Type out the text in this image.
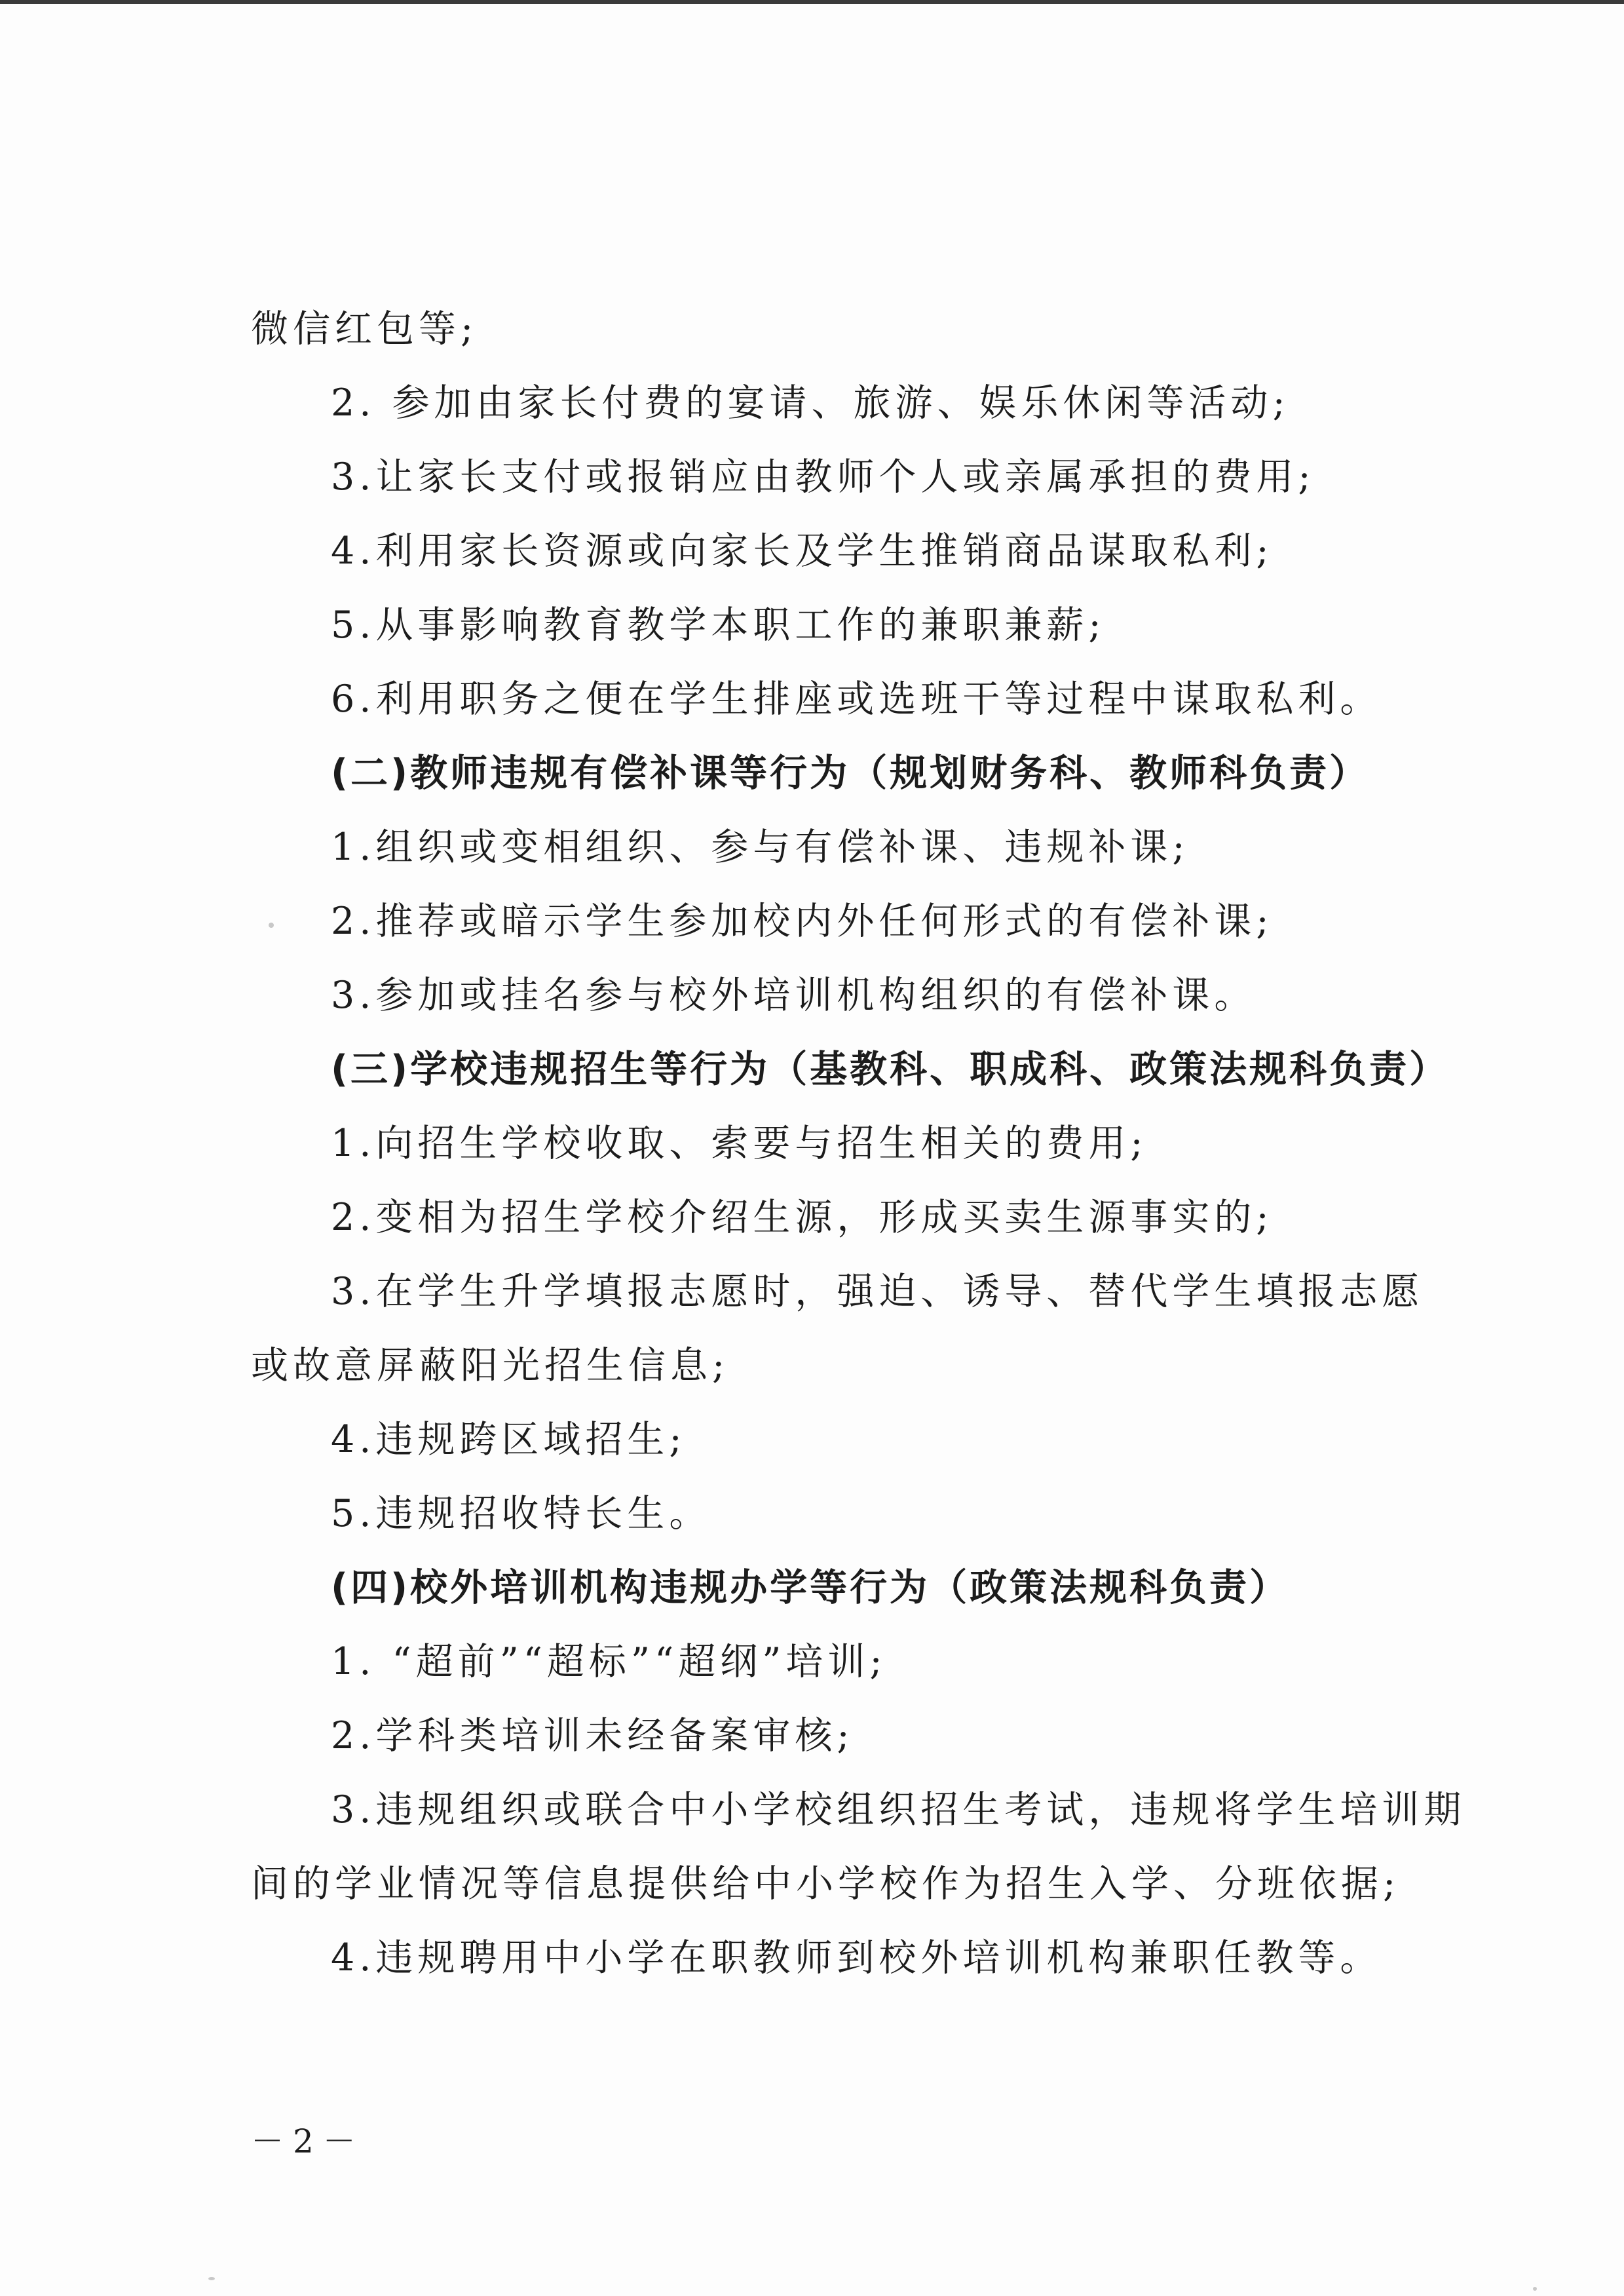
微信红包等;
2. 参加由家长付费的宴请、旅游、娱乐休闲等活动;
3.让家长支付或报销应由教师个人或亲属承担的费用;
4.利用家长资源或向家长及学生推销商品谋取私利;
5.从事影响教育教学本职工作的兼职兼薪;
6.利用职务之便在学生排座或选班干等过程中谋取私利。
(二)教师违规有偿补课等行为（规划财务科、教师科负责）
1.组织或变相组织、参与有偿补课、违规补课;
2.推荐或暗示学生参加校内外任何形式的有偿补课;
3.参加或挂名参与校外培训机构组织的有偿补课。
(三)学校违规招生等行为（基教科、职成科、政策法规科负责）
1.向招生学校收取、索要与招生相关的费用;
2.变相为招生学校介绍生源，形成买卖生源事实的;
3.在学生升学填报志愿时，强迫、诱导、替代学生填报志愿
或故意屏蔽阳光招生信息;
4.违规跨区域招生;
5.违规招收特长生。
(四)校外培训机构违规办学等行为（政策法规科负责）
1. “超前”“超标”“超纲”培训;
2.学科类培训未经备案审核;
3.违规组织或联合中小学校组织招生考试，违规将学生培训期
间的学业情况等信息提供给中小学校作为招生入学、分班依据;
4.违规聘用中小学在职教师到校外培训机构兼职任教等。
－2－
